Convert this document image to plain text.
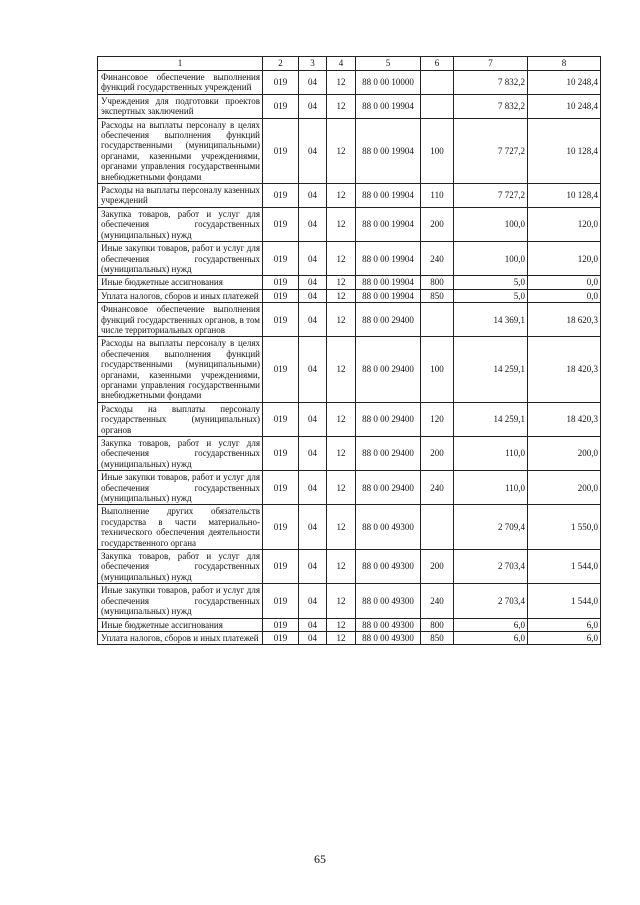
1	2	3	4	5	6	7	8
Финансовое обеспечение выполнения функций государственных учреждений	019	04	12	88 0 00 10000		7 832,2	10 248,4
Учреждения для подготовки проектов экспертных заключений	019	04	12	88 0 00 19904		7 832,2	10 248,4
Расходы на выплаты персоналу в целях обеспечения выполнения функций государственными (муниципальными) органами, казенными учреждениями, органами управления государственными внебюджетными фондами	019	04	12	88 0 00 19904	100	7 727,2	10 128,4
Расходы на выплаты персоналу казенных учреждений	019	04	12	88 0 00 19904	110	7 727,2	10 128,4
Закупка товаров, работ и услуг для обеспечения государственных (муниципальных) нужд	019	04	12	88 0 00 19904	200	100,0	120,0
Иные закупки товаров, работ и услуг для обеспечения государственных (муниципальных) нужд	019	04	12	88 0 00 19904	240	100,0	120,0
Иные бюджетные ассигнования	019	04	12	88 0 00 19904	800	5,0	0,0
Уплата налогов, сборов и иных платежей	019	04	12	88 0 00 19904	850	5,0	0,0
Финансовое обеспечение выполнения функций государственных органов, в том числе территориальных органов	019	04	12	88 0 00 29400		14 369,1	18 620,3
Расходы на выплаты персоналу в целях обеспечения выполнения функций государственными (муниципальными) органами, казенными учреждениями, органами управления государственными внебюджетными фондами	019	04	12	88 0 00 29400	100	14 259,1	18 420,3
Расходы на выплаты персоналу государственных (муниципальных) органов	019	04	12	88 0 00 29400	120	14 259,1	18 420,3
Закупка товаров, работ и услуг для обеспечения государственных (муниципальных) нужд	019	04	12	88 0 00 29400	200	110,0	200,0
Иные закупки товаров, работ и услуг для обеспечения государственных (муниципальных) нужд	019	04	12	88 0 00 29400	240	110,0	200,0
Выполнение других обязательств государства в части материально-технического обеспечения деятельности государственного органа	019	04	12	88 0 00 49300		2 709,4	1 550,0
Закупка товаров, работ и услуг для обеспечения государственных (муниципальных) нужд	019	04	12	88 0 00 49300	200	2 703,4	1 544,0
Иные закупки товаров, работ и услуг для обеспечения государственных (муниципальных) нужд	019	04	12	88 0 00 49300	240	2 703,4	1 544,0
Иные бюджетные ассигнования	019	04	12	88 0 00 49300	800	6,0	6,0
Уплата налогов, сборов и иных платежей	019	04	12	88 0 00 49300	850	6,0	6,0
65
